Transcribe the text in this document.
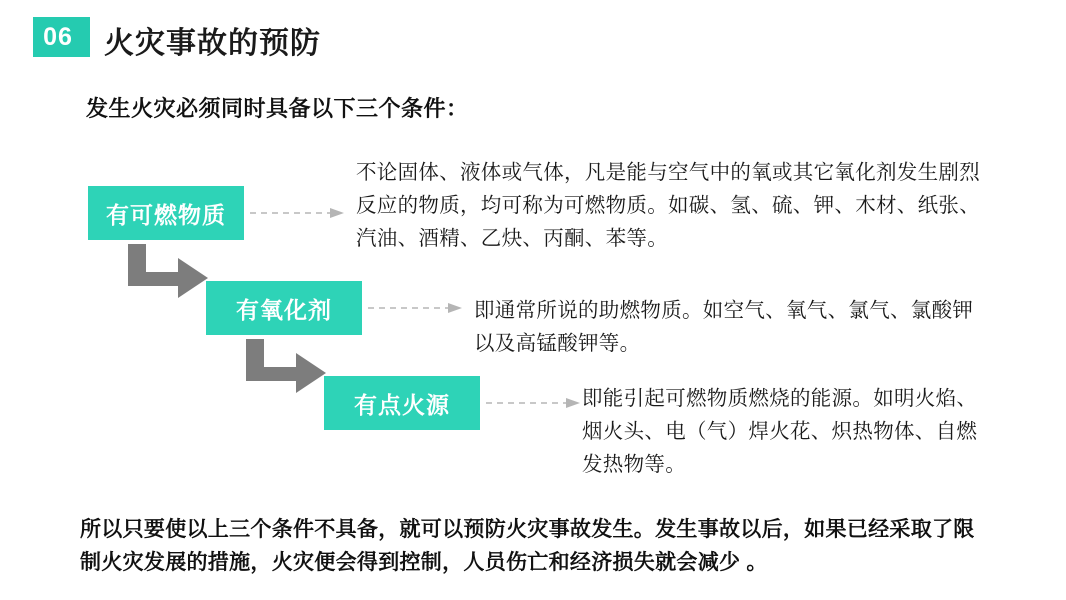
06 火灾事故的预防
发生火灾必须同时具备以下三个条件：
有可燃物质
不论固体、液体或气体，凡是能与空气中的氧或其它氧化剂发生剧烈反应的物质，均可称为可燃物质。如碳、氢、硫、钾、木材、纸张、汽油、酒精、乙炔、丙酮、苯等。
有氧化剂	即通常所说的助燃物质。如空气、氧气、氯气、氯酸钾以及高锰酸钾等。
有点火源	即能引起可燃物质燃烧的能源。如明火焰、烟火头、电（气）焊火花、炽热物体、自燃发热物等。
所以只要使以上三个条件不具备，就可以预防火灾事故发生。发生事故以后，如果已经采取了限制火灾发展的措施，火灾便会得到控制，人员伤亡和经济损失就会减少 。
